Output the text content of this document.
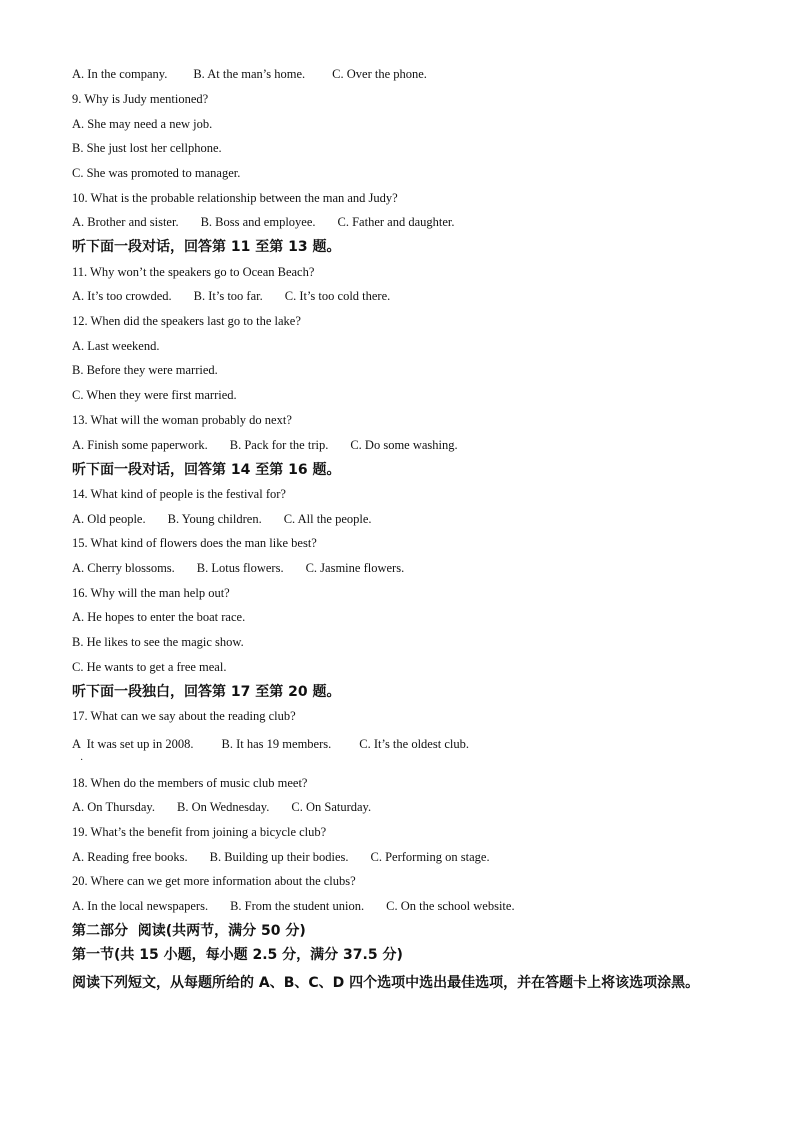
A. In the company. B. At the man’s home. C. Over the phone.
9. Why is Judy mentioned?
A. She may need a new job.
B. She just lost her cellphone.
C. She was promoted to manager.
10. What is the probable relationship between the man and Judy?
A. Brother and sister. B. Boss and employee. C. Father and daughter.
听下面一段对话，回答第 11 至第 13 题。
11. Why won’t the speakers go to Ocean Beach?
A. It’s too crowded. B. It’s too far. C. It’s too cold there.
12. When did the speakers last go to the lake?
A. Last weekend.
B. Before they were married.
C. When they were first married.
13. What will the woman probably do next?
A. Finish some paperwork. B. Pack for the trip. C. Do some washing.
听下面一段对话，回答第 14 至第 16 题。
14. What kind of people is the festival for?
A. Old people. B. Young children. C. All the people.
15. What kind of flowers does the man like best?
A. Cherry blossoms. B. Lotus flowers. C. Jasmine flowers.
16. Why will the man help out?
A. He hopes to enter the boat race.
B. He likes to see the magic show.
C. He wants to get a free meal.
听下面一段独白，回答第 17 至第 20 题。
17. What can we say about the reading club?
A  It was set up in 2008. B. It has 19 members. C. It’s the oldest club.
18. When do the members of music club meet?
A. On Thursday. B. On Wednesday. C. On Saturday.
19. What’s the benefit from joining a bicycle club?
A. Reading free books. B. Building up their bodies. C. Performing on stage.
20. Where can we get more information about the clubs?
A. In the local newspapers. B. From the student union. C. On the school website.
第二部分  阅读(共两节，满分 50 分)
第一节(共 15 小题，每小题 2.5 分，满分 37.5 分)
阅读下列短文，从每题所给的 A、B、C、D 四个选项中选出最佳选项，并在答题卡上将该选项涂黑。
·
